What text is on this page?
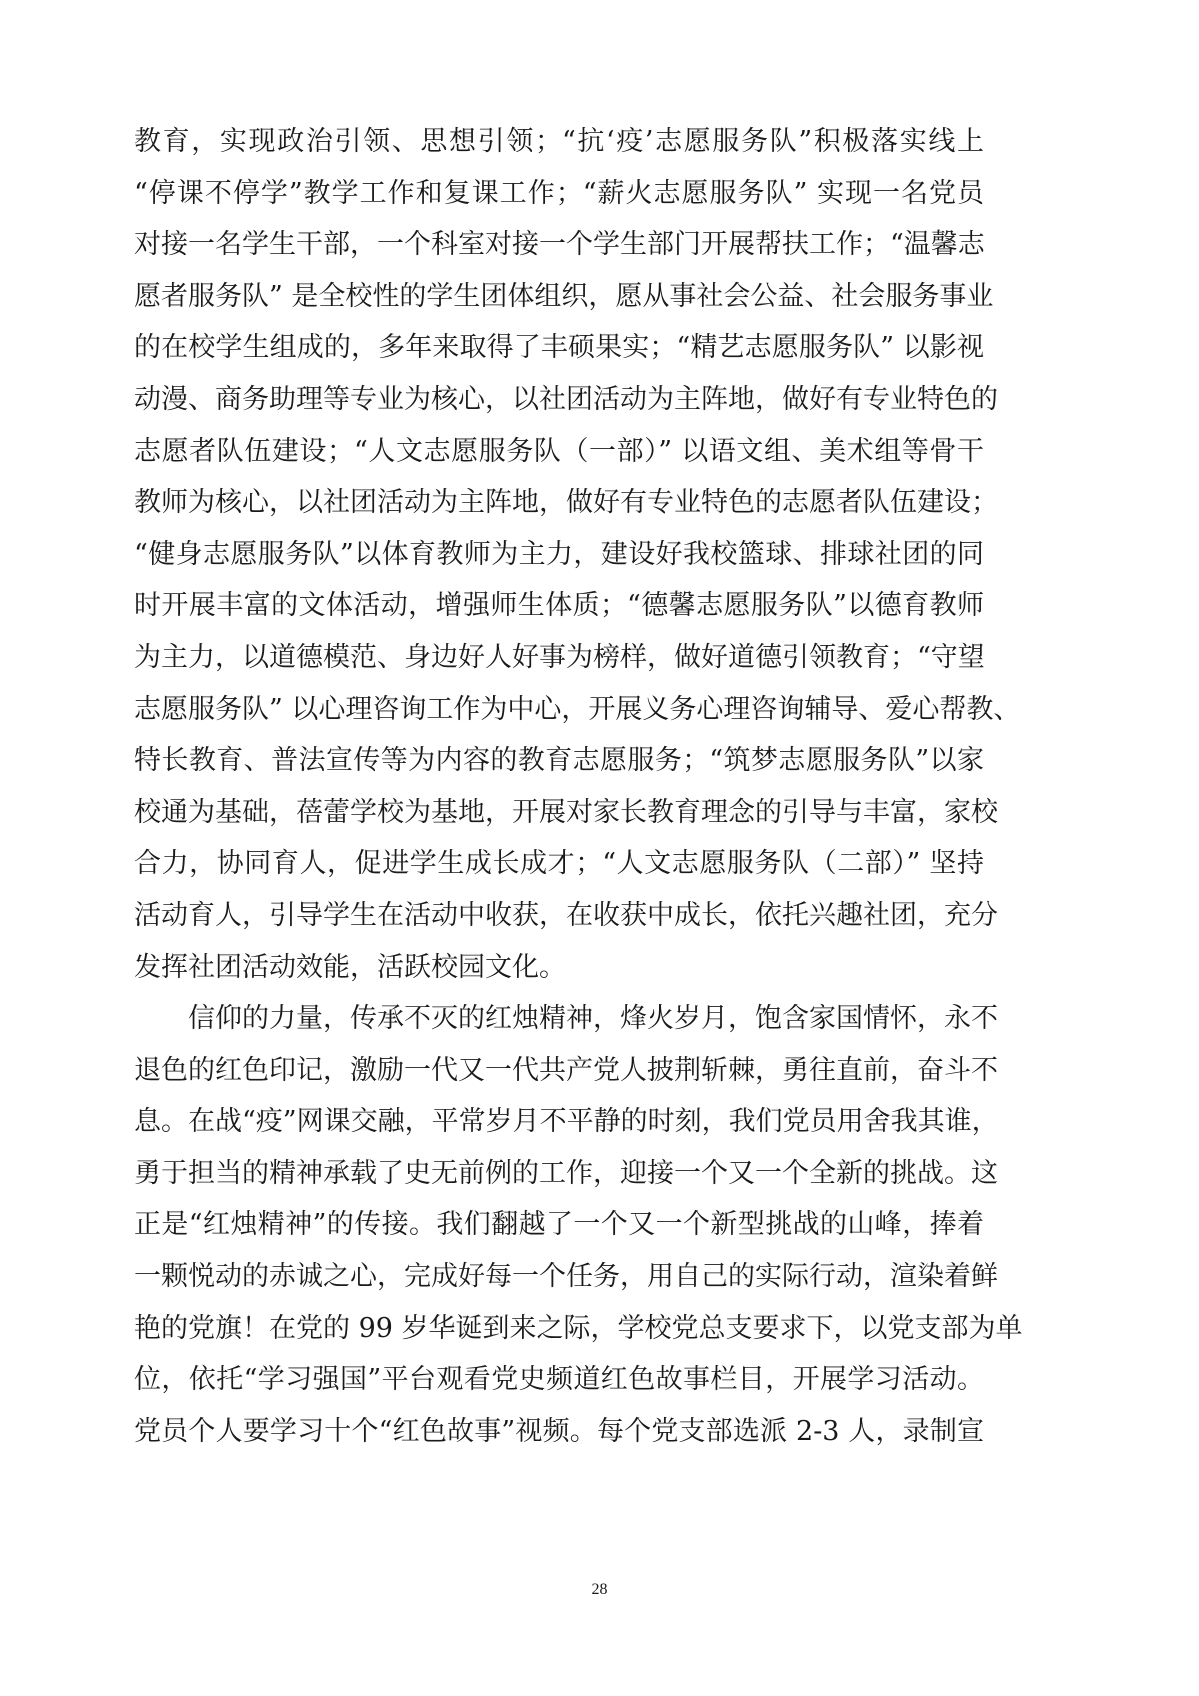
教育，实现政治引领、思想引领；“抗‘疫’志愿服务队”积极落实线上
“停课不停学”教学工作和复课工作；“薪火志愿服务队” 实现一名党员
对接一名学生干部，一个科室对接一个学生部门开展帮扶工作；“温馨志
愿者服务队” 是全校性的学生团体组织，愿从事社会公益、社会服务事业
的在校学生组成的，多年来取得了丰硕果实；“精艺志愿服务队” 以影视
动漫、商务助理等专业为核心，以社团活动为主阵地，做好有专业特色的
志愿者队伍建设；“人文志愿服务队（一部）” 以语文组、美术组等骨干
教师为核心，以社团活动为主阵地，做好有专业特色的志愿者队伍建设；
“健身志愿服务队”以体育教师为主力，建设好我校篮球、排球社团的同
时开展丰富的文体活动，增强师生体质；“德馨志愿服务队”以德育教师
为主力，以道德模范、身边好人好事为榜样，做好道德引领教育；“守望
志愿服务队” 以心理咨询工作为中心，开展义务心理咨询辅导、爱心帮教、
特长教育、普法宣传等为内容的教育志愿服务；“筑梦志愿服务队”以家
校通为基础，蓓蕾学校为基地，开展对家长教育理念的引导与丰富，家校
合力，协同育人，促进学生成长成才；“人文志愿服务队（二部）” 坚持
活动育人，引导学生在活动中收获，在收获中成长，依托兴趣社团，充分
发挥社团活动效能，活跃校园文化。
　　信仰的力量，传承不灭的红烛精神，烽火岁月，饱含家国情怀，永不
退色的红色印记，激励一代又一代共产党人披荆斩棘，勇往直前，奋斗不
息。在战“疫”网课交融，平常岁月不平静的时刻，我们党员用舍我其谁，
勇于担当的精神承载了史无前例的工作，迎接一个又一个全新的挑战。这
正是“红烛精神”的传接。我们翻越了一个又一个新型挑战的山峰，捧着
一颗悦动的赤诚之心，完成好每一个任务，用自己的实际行动，渲染着鲜
艳的党旗！在党的 99 岁华诞到来之际，学校党总支要求下，以党支部为单
位，依托“学习强国”平台观看党史频道红色故事栏目，开展学习活动。
党员个人要学习十个“红色故事”视频。每个党支部选派 2-3 人，录制宣
28
